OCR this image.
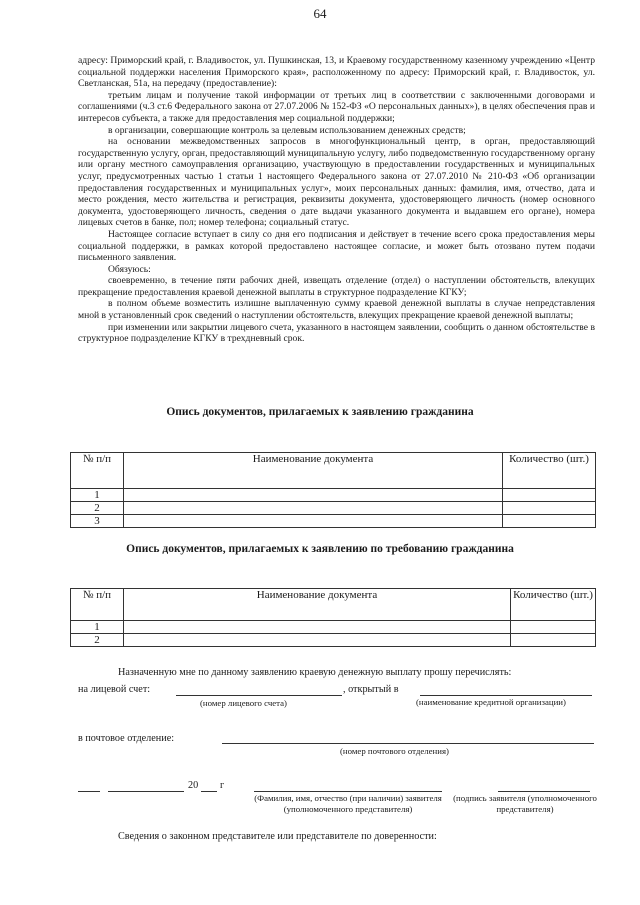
64

адресу: Приморский край, г. Владивосток, ул. Пушкинская, 13, и Краевому государственному казенному учреждению «Центр социальной поддержки населения Приморского края», расположенному по адресу: Приморский край, г. Владивосток, ул. Светланская, 51а, на передачу (предоставление):

третьим лицам и получение такой информации от третьих лиц в соответствии с заключенными договорами и соглашениями (ч.3 ст.6 Федерального закона от 27.07.2006 № 152-ФЗ «О персональных данных»), в целях обеспечения прав и интересов субъекта, а также для предоставления мер социальной поддержки;

в организации, совершающие контроль за целевым использованием денежных средств;

на основании межведомственных запросов в многофункциональный центр, в орган, предоставляющий государственную услугу, орган, предоставляющий муниципальную услугу, либо подведомственную государственному органу или органу местного самоуправления организацию, участвующую в предоставлении государственных и муниципальных услуг, предусмотренных частью 1 статьи 1 настоящего Федерального закона от 27.07.2010 № 210-ФЗ «Об организации предоставления государственных и муниципальных услуг», моих персональных данных: фамилия, имя, отчество, дата и место рождения, место жительства и регистрация, реквизиты документа, удостоверяющего личность (номер основного документа, удостоверяющего личность, сведения о дате выдачи указанного документа и выдавшем его органе), номера лицевых счетов в банке, пол; номер телефона; социальный статус.

Настоящее согласие вступает в силу со дня его подписания и действует в течение всего срока предоставления меры социальной поддержки, в рамках которой предоставлено настоящее согласие, и может быть отозвано путем подачи письменного заявления.

Обязуюсь:

своевременно, в течение пяти рабочих дней, извещать отделение (отдел) о наступлении обстоятельств, влекущих прекращение предоставления краевой денежной выплаты в структурное подразделение КГКУ;

в полном объеме возместить излишне выплаченную сумму краевой денежной выплаты в случае непредставления мной в установленный срок сведений о наступлении обстоятельств, влекущих прекращение краевой денежной выплаты;

при изменении или закрытии лицевого счета, указанного в настоящем заявлении, сообщить о данном обстоятельстве в структурное подразделение КГКУ в трехдневный срок.

Опись документов, прилагаемых к заявлению гражданина
№ п/п	Наименование документа	Количество (шт.)
1		
2		
3		
Опись документов, прилагаемых к заявлению по требованию гражданина
№ п/п	Наименование документа	Количество (шт.)
1		
2		
Назначенную мне по данному заявлению краевую денежную выплату прошу перечислять:
на лицевой счет:	, открытый в
(номер лицевого счета)	(наименование кредитной организации)
в почтовое отделение:
(номер почтового отделения)
20 г
(Фамилия, имя, отчество (при наличии) заявителя (уполномоченного представителя)
(подпись заявителя (уполномоченного представителя)
Сведения о законном представителе или представителе по доверенности:
